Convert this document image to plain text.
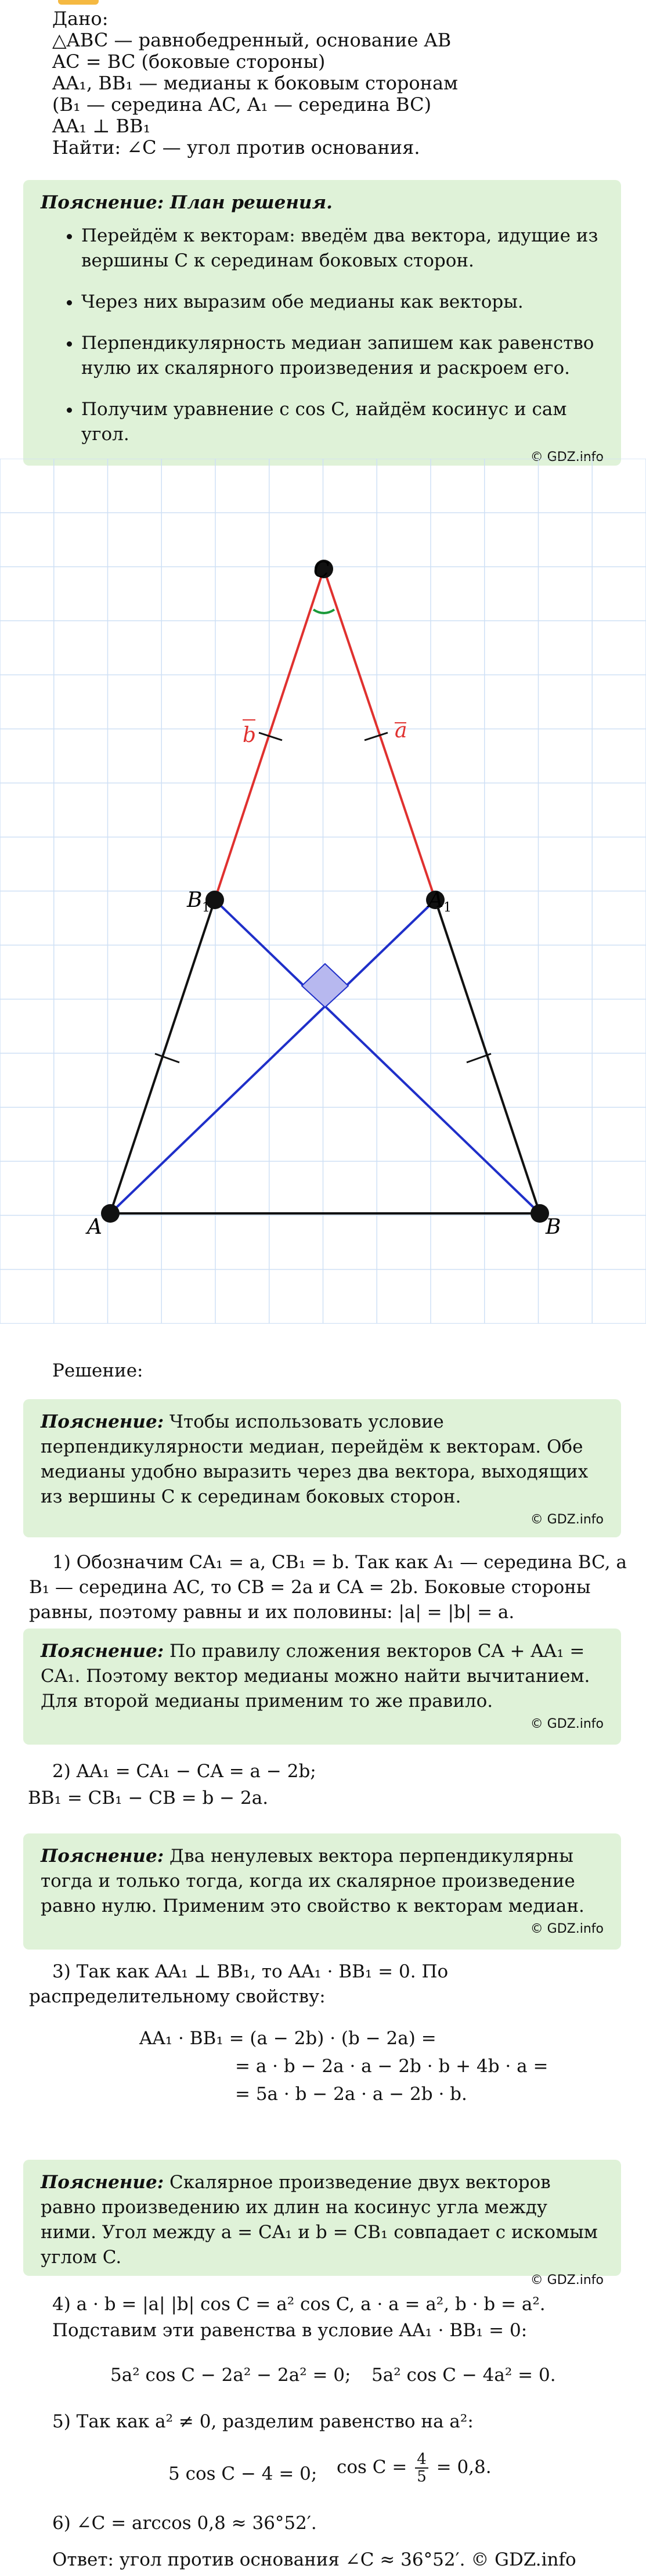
Дано:
△ABC — равнобедренный, основание AB
AC = BC (боковые стороны)
AA₁, BB₁ — медианы к боковым сторонам
(B₁ — середина AC, A₁ — середина BC)
AA₁ ⊥ BB₁
Найти: ∠C — угол против основания.
Пояснение: План решения.
• Перейдём к векторам: введём два вектора, идущие из вершины C к серединам боковых сторон.
• Через них выразим обе медианы как векторы.
• Перпендикулярность медиан запишем как равенство нулю их скалярного произведения и раскроем его.
• Получим уравнение с cos C, найдём косинус и сам угол.
© GDZ.info
C
A	B
B 1	A 1
b	a
Решение:
Пояснение: Чтобы использовать условие перпендикулярности медиан, перейдём к векторам. Обе медианы удобно выразить через два вектора, выходящих из вершины C к серединам боковых сторон.
© GDZ.info
1) Обозначим CA₁ = a, CB₁ = b. Так как A₁ — середина BC, а B₁ — середина AC, то CB = 2a и CA = 2b. Боковые стороны равны, поэтому равны и их половины: |a| = |b| = a.
Пояснение: По правилу сложения векторов CA + AA₁ = CA₁. Поэтому вектор медианы можно найти вычитанием. Для второй медианы применим то же правило.
© GDZ.info
2) AA₁ = CA₁ − CA = a − 2b;
BB₁ = CB₁ − CB = b − 2a.
Пояснение: Два ненулевых вектора перпендикулярны тогда и только тогда, когда их скалярное произведение равно нулю. Применим это свойство к векторам медиан.
© GDZ.info
3) Так как AA₁ ⊥ BB₁, то AA₁ · BB₁ = 0. По распределительному свойству:
AA₁ · BB₁ = (a − 2b) · (b − 2a) =
= a · b − 2a · a − 2b · b + 4b · a =
= 5a · b − 2a · a − 2b · b.
Пояснение: Скалярное произведение двух векторов равно произведению их длин на косинус угла между ними. Угол между a = CA₁ и b = CB₁ совпадает с искомым углом C.
© GDZ.info
4) a · b = |a| |b| cos C = a² cos C, a · a = a², b · b = a².
Подставим эти равенства в условие AA₁ · BB₁ = 0:
5a² cos C − 2a² − 2a² = 0; 5a² cos C − 4a² = 0.
5) Так как a² ≠ 0, разделим равенство на a²:
5 cos C − 4 = 0; $\cos C = \frac{4}{5} = 0,8$.
6) ∠C = arccos 0,8 ≈ 36°52′.
Ответ: угол против основания ∠C ≈ 36°52′. © GDZ.info
